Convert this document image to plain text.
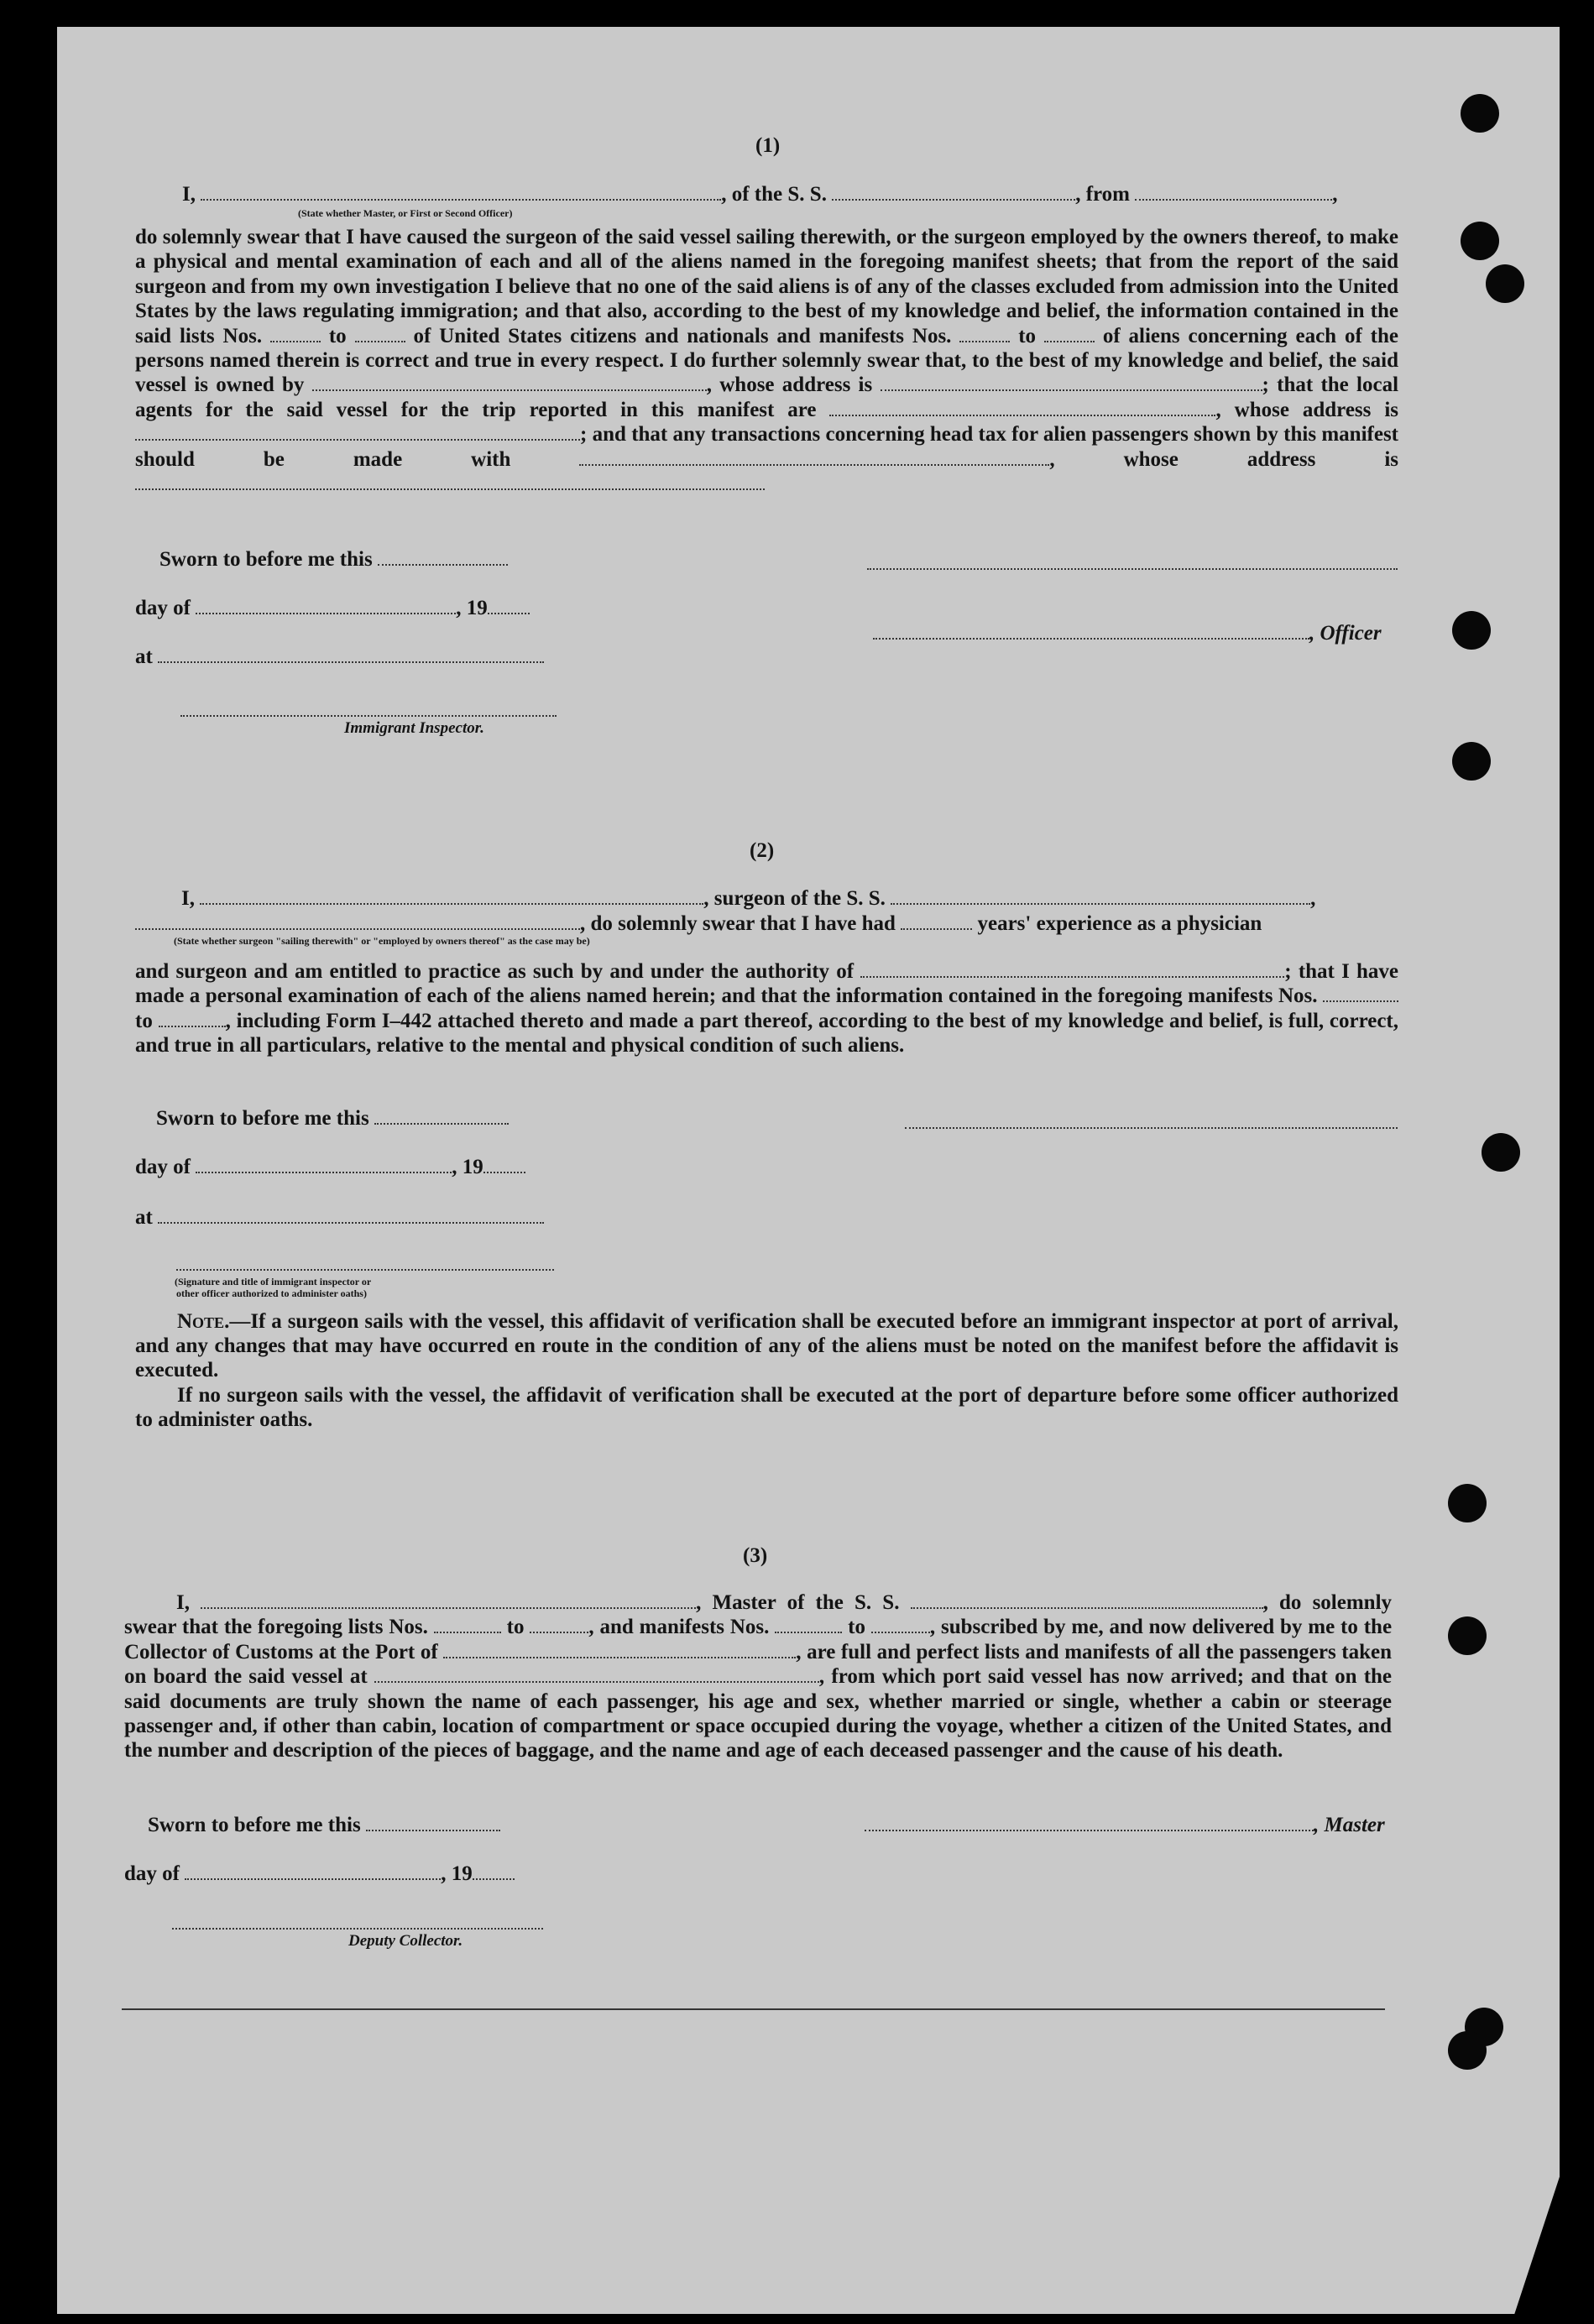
(1)
I,	, of the S. S.	, from	,
(State whether Master, or First or Second Officer)
do solemnly swear that I have caused the surgeon of the said vessel sailing therewith, or the surgeon employed by the owners thereof, to make a physical and mental examination of each and all of the aliens named in the foregoing manifest sheets; that from the report of the said surgeon and from my own investigation I believe that no one of the said aliens is of any of the classes excluded from admission into the United States by the laws regulating immigration; and that also, according to the best of my knowledge and belief, the information contained in the said lists Nos.	to	of United States citizens and nationals and manifests Nos.	to	of aliens concerning each of the persons named therein is correct and true in every respect. I do further solemnly swear that, to the best of my knowledge and belief, the said vessel is owned by	, whose address is	; that the local agents for the said vessel for the trip reported in this manifest are	, whose address is ; and that any transactions concerning head tax for alien passengers shown by this manifest should be made with	, whose address is
Sworn to before me this
day of	, 19
, Officer
at
Immigrant Inspector.
(2)
I,	, surgeon of the S. S.	,
, do solemnly swear that I have had	years' experience as a physician
(State whether surgeon "sailing therewith" or "employed by owners thereof" as the case may be)
and surgeon and am entitled to practice as such by and under the authority of	; that I have made a personal examination of each of the aliens named herein; and that the information contained in the foregoing manifests Nos.  to	, including Form I–442 attached thereto and made a part thereof, according to the best of my knowledge and belief, is full, correct, and true in all particulars, relative to the mental and physical condition of such aliens.
Sworn to before me this
day of	, 19
at
(Signature and title of immigrant inspector or
other officer authorized to administer oaths)
Note.—If a surgeon sails with the vessel, this affidavit of verification shall be executed before an immigrant inspector at port of arrival, and any changes that may have occurred en route in the condition of any of the aliens must be noted on the manifest before the affidavit is executed.
If no surgeon sails with the vessel, the affidavit of verification shall be executed at the port of departure before some officer authorized to administer oaths.
(3)
I,	, Master of the S. S.	, do solemnly swear that the foregoing lists Nos.	to	, and manifests Nos.	to	, subscribed by me, and now delivered by me to the Collector of Customs at the Port of	, are full and perfect lists and manifests of all the passengers taken on board the said vessel at	, from which port said vessel has now arrived; and that on the said documents are truly shown the name of each passenger, his age and sex, whether married or single, whether a cabin or steerage passenger and, if other than cabin, location of compartment or space occupied during the voyage, whether a citizen of the United States, and the number and description of the pieces of baggage, and the name and age of each deceased passenger and the cause of his death.
Sworn to before me this	, Master
day of	, 19
Deputy Collector.
